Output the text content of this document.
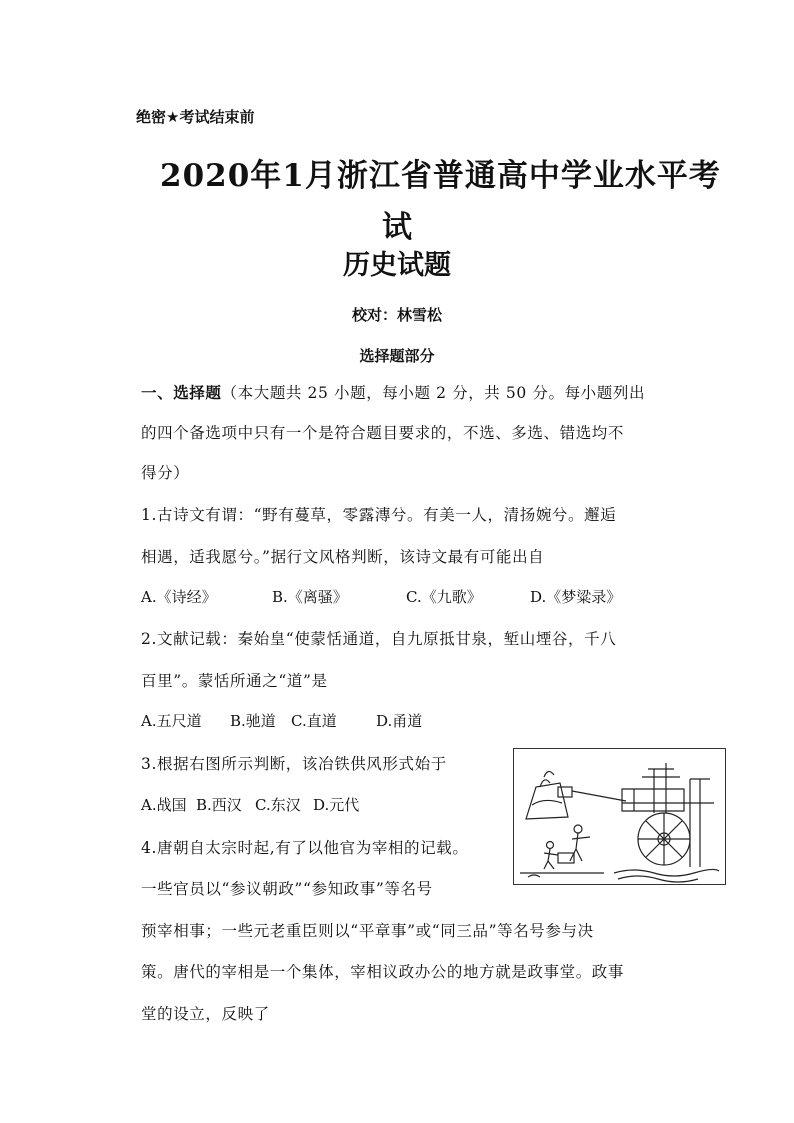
绝密★考试结束前
2020年1月浙江省普通高中学业水平考
试
历史试题
校对：林雪松
选择题部分
一、选择题（本大题共 25 小题，每小题 2 分，共 50 分。每小题列出
的四个备选项中只有一个是符合题目要求的，不选、多选、错选均不
得分）
1.古诗文有谓：“野有蔓草，零露漙兮。有美一人，清扬婉兮。邂逅
相遇，适我愿兮。”据行文风格判断，该诗文最有可能出自
A.《诗经》	B.《离骚》	C.《九歌》	D.《梦粱录》
2.文献记载：秦始皇“使蒙恬通道，自九原抵甘泉，堑山堙谷，千八
百里”。蒙恬所通之“道”是
A.五尺道 B.驰道 C.直道	D.甬道
3.根据右图所示判断，该冶铁供风形式始于
A.战国 B.西汉 C.东汉 D.元代
4.唐朝自太宗时起,有了以他官为宰相的记载。
一些官员以“参议朝政”“参知政事”等名号
预宰相事；一些元老重臣则以“平章事”或“同三品”等名号参与决
策。唐代的宰相是一个集体，宰相议政办公的地方就是政事堂。政事
堂的设立，反映了
